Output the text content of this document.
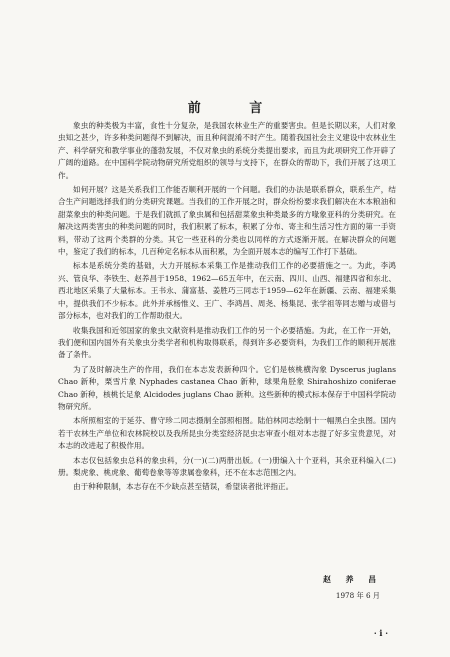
前 言

象虫的种类极为丰富，食性十分复杂，是我国农林业生产的重要害虫。但是长期以来，人们对象虫知之甚少，许多种类问题得不到解决，而且种间混淆不时产生。随着我国社会主义建设中农林业生产、科学研究和教学事业的蓬勃发展，不仅对象虫的系统分类提出要求，而且为此项研究工作开辟了广阔的道路。在中国科学院动物研究所党组织的领导与支持下，在群众的帮助下，我们开展了这项工作。

如何开展？这是关系我们工作能否顺利开展的一个问题。我们的办法是联系群众，联系生产，结合生产问题选择我们的分类研究课题。当我们的工作开展之时，群众纷纷要求我们解决在木本粮油和甜菜象虫的种类问题。于是我们就抓了象虫属和包括甜菜象虫种类最多的方喙象亚科的分类研究。在解决这两类害虫的种类问题的同时，我们积累了标本，积累了分布、寄主和生活习性方面的第一手资料，带动了这两个类群的分类。其它一些亚科的分类也以同样的方式逐渐开展。在解决群众的问题中，鉴定了我们的标本，几百种定名标本从而积累，为全面开展本志的编写工作打下基础。

标本是系统分类的基础，大力开展标本采集工作是推动我们工作的必要措施之一。为此，李鸿兴、管良华、李铁生、赵养昌于1958、1962—65五年中，在云南、四川、山西、福建四省和东北、西北地区采集了大量标本。王书永、蒲富基、姜胜巧三同志于1959—62年在新疆、云南、福建采集中，提供我们不少标本。此外并承杨惟义、王广、李鸿昌、周尧、杨集昆、张学祖等同志赠与或借与部分标本，也对我们的工作帮助很大。

收集我国和近邻国家的象虫文献资料是推动我们工作的另一个必要措施。为此，在工作一开始，我们便和国内国外有关象虫分类学者和机构取得联系，得到许多必要资料，为我们工作的顺利开展准备了条件。

为了及时解决生产的作用，我们在本志发表新种四个。它们是核桃横沟象 Dyscerus juglans Chao 新种，栗雪片象 Nyphades castanea Chao 新种，球果角胫象 Shirahoshizo coniferae Chao 新种，核桃长足象 Alcidodes juglans Chao 新种。这些新种的模式标本保存于中国科学院动物研究所。

本所照相室的于延芬、曹守珍二同志摄制全部照相图。陆伯林同志绘制十一幅黑白全虫图。国内若干农林生产单位和农林院校以及我所昆虫分类室经济昆虫志审查小组对本志提了好多宝贵意见，对本志的改进起了积极作用。

本志仅包括象虫总科的象虫科，分(一)(二)两册出版。(一)册编入十个亚科，其余亚科编入(二)册。梨虎象、桃虎象、葡萄卷象等等隶属卷象科，还不在本志范围之内。

由于种种限制，本志存在不少缺点甚至错误，希望读者批评指正。

赵 养 昌
1978 年 6 月
· i ·
